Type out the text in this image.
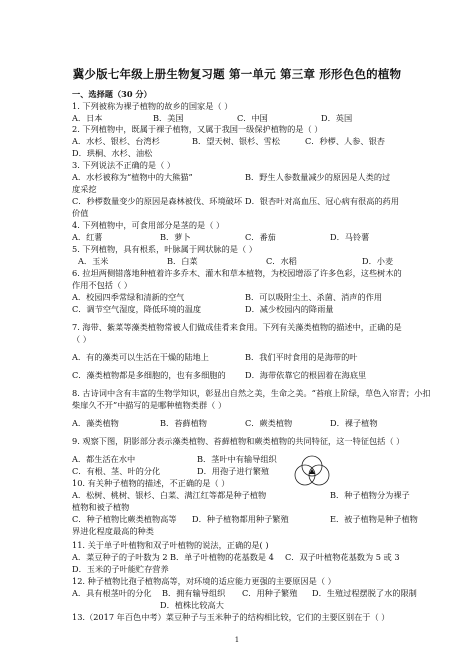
冀少版七年级上册生物复习题 第一单元 第三章 形形色色的植物
一、选择题（30 分）
1. 下列被称为裸子植物的故乡的国家是（ ）
A．日本	B．美国	C．中国	D．英国
2. 下列植物中，既属于裸子植物，又属于我国一级保护植物的是（ ）
A．水杉、银杉、台湾杉	B．望天树、银杉、雪松	C．秒椤、人参、银杏
D．珙桐、水杉、油松
3. 下列说法不正确的是（ ）
A．水杉被称为“植物中的大熊猫”	B．野生人参数量减少的原因是人类的过
度采挖
C．秒椤数量变少的原因是森林被伐、环境破坏 D．银杏叶对高血压、冠心病有很高的药用
价值
4. 下列植物中，可食用部分是茎的是（ ）
A．红薯	B．萝卜	C．番茄	D．马铃薯
5. 下列植物，具有根系，叶脉属于网状脉的是（ ）
A．玉米	B．白菜	C．水稻	D．小麦
6. 拉坦两侧错落地种植着许多乔木、灌木和草本植物，为校园增添了许多色彩，这些树木的
作用不包括（ ）
A．校园四季常绿和清新的空气	B．可以吸附尘土、杀菌、消声的作用
C．调节空气湿度，降低环境的温度	D．减少校园内的降雨量
7. 海带、紫菜等藻类植物常被人们做成佳肴来食用。下列有关藻类植物的描述中，正确的是
（ ）
A．有的藻类可以生活在干燥的陆地上	B．我们平时食用的是海带的叶
C．藻类植物都是多细胞的，也有多细胞的 D．海带依靠它的根固着在海底里
8. 古诗词中含有丰富的生物学知识，彰显出自然之美，生命之美。“苔痕上阶绿，草色入帘青；小扣
柴扉久不开”中描写的是哪种植物类群（ ）
A．藻类植物	B．苔藓植物	C．蕨类植物	D．裸子植物
9. 观察下图，阴影部分表示藻类植物、苔藓植物和蕨类植物的共同特征，这一特征包括（ ）
A．都生活在水中	B．茎叶中有输导组织
C．有根、茎、叶的分化	D．用孢子进行繁殖
10. 有关种子植物的描述，不正确的是（ ）
A．松树、桃树、银杉、白菜、满江红等都是种子植物	B．种子植物分为裸子
植物和被子植物
C．种子植物比蕨类植物高等 D．种子植物都用种子繁殖	E．被子植物是种子植物
界进化程度最高的种类
11. 关于单子叶植物和双子叶植物的说法，正确的是( )
A．菜豆种子的子叶数为 2 B．单子叶植物的花基数是 4 C．双子叶植物花基数为 5 或 3
D．玉米的子叶能贮存营养
12. 种子植物比孢子植物高等，对环境的适应能力更强的主要原因是（ ）
A．具有根茎叶的分化 B．拥有输导组织 C．用种子繁殖 D．生殖过程摆脱了水的限制
D．植株比较高大
13.（2017 年百色中考）菜豆种子与玉米种子的结构相比较，它们的主要区别在于（ ）
1
